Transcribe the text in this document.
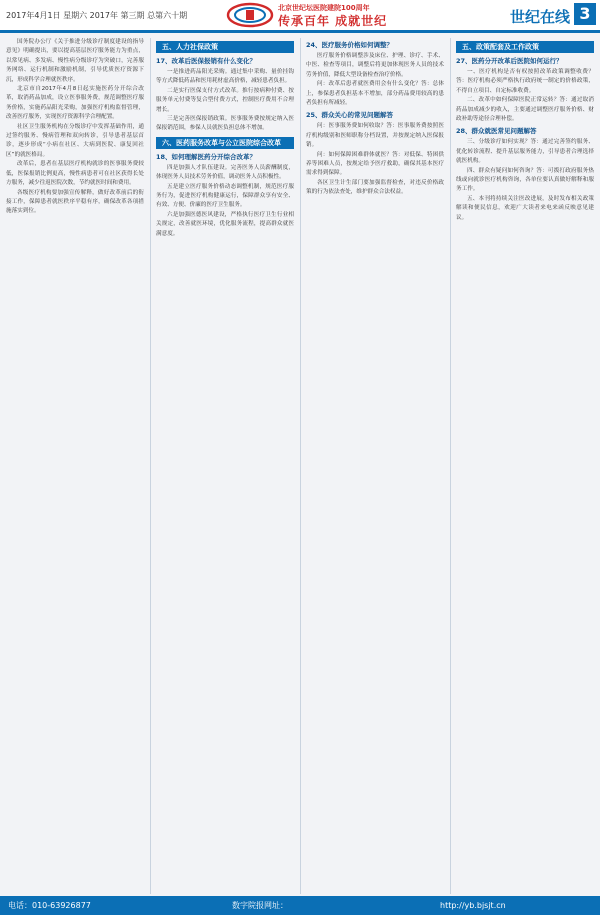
2017年4月1日 星期六 2017年 第三期 总第六十期
北京世纪坛医院建院100周年
传承百年 成就世纪	世纪在线 3

国务院办公厅《关于推进分级诊疗制度建设的指导意见》明确提出，要以提高基层医疗服务能力为重点，以常见病、多发病、慢性病分级诊疗为突破口，完善服务网络、运行机制和激励机制，引导优质医疗资源下沉，形成科学合理就医秩序。

北京市自2017年4月8日起实施医药分开综合改革，取消药品加成，设立医事服务费，规范调整医疗服务价格，实施药品阳光采购，加强医疗机构监督管理，改善医疗服务，实现医疗资源科学合理配置。

社区卫生服务机构在分级诊疗中发挥基础作用，通过签约服务、慢病管理和双向转诊，引导患者基层首诊，逐步形成“小病在社区、大病到医院、康复回社区”的就医格局。

改革后，患者在基层医疗机构就诊的医事服务费较低，医保报销比例更高，慢性病患者可在社区获得长处方服务，减少往返医院次数，节约就医时间和费用。

各级医疗机构要加强宣传解释，做好改革前后的衔接工作，保障患者就医秩序平稳有序，确保改革各项措施落实到位。

五、人力社保政策
17、改革后医保报销有什么变化？

一是推进药品阳光采购。通过集中采购、量价挂钩等方式降低药品和医用耗材虚高价格，减轻患者负担。

二是实行医保支付方式改革。推行按病种付费、按服务单元付费等复合型付费方式，控制医疗费用不合理增长。

三是完善医保报销政策。医事服务费按规定纳入医保报销范围，参保人员就医负担总体不增加。

六、医药服务改革与公立医院综合改革
18、如何理解医药分开综合改革？

四是加强人才队伍建设。完善医务人员薪酬制度，体现医务人员技术劳务价值，调动医务人员积极性。

五是建立医疗服务价格动态调整机制，规范医疗服务行为，促进医疗机构健康运行，保障群众享有安全、有效、方便、价廉的医疗卫生服务。

六是加强医德医风建设，严格执行医疗卫生行业相关规定，改善就医环境，优化服务流程，提高群众就医满意度。

24、医疗服务价格如何调整？

医疗服务价格调整涉及床位、护理、诊疗、手术、中医、检查等项目，调整后将更加体现医务人员的技术劳务价值，降低大型设备检查治疗价格。

问：改革后患者就医费用会有什么变化？答：总体上，参保患者负担基本不增加，部分药品费用较高的患者负担有所减轻。

25、群众关心的常见问题解答

问：医事服务费如何收取？答：医事服务费按照医疗机构级别和医师职称分档设置，并按规定纳入医保报销。

问：如何保障困难群体就医？答：对低保、特困供养等困难人员，按规定给予医疗救助，确保其基本医疗需求得到保障。

各区卫生计生部门要加强监督检查，对违反价格政策的行为依法查处，维护群众合法权益。

五、政策配套及工作政策
27、医药分开改革后医院如何运行？

一、医疗机构是否有权按照改革政策调整收费？答：医疗机构必须严格执行政府统一制定的价格政策，不得自立项目、自定标准收费。

二、改革中如何保障医院正常运转？答：通过取消药品加成减少的收入，主要通过调整医疗服务价格、财政补助等途径合理补偿。

28、群众就医常见问题解答

三、分级诊疗如何实现？答：通过完善签约服务、优化转诊流程、提升基层服务能力，引导患者合理选择就医机构。

四、群众有疑问如何咨询？答：可拨打政府服务热线或向就诊医疗机构咨询，各单位要认真做好解释和服务工作。

五、本刊将持续关注医改进展，及时发布相关政策解读和便民信息，欢迎广大读者来电来函反映意见建议。

电话：010-63926877	数字院报网址：	http://yb.bjsjt.cn
